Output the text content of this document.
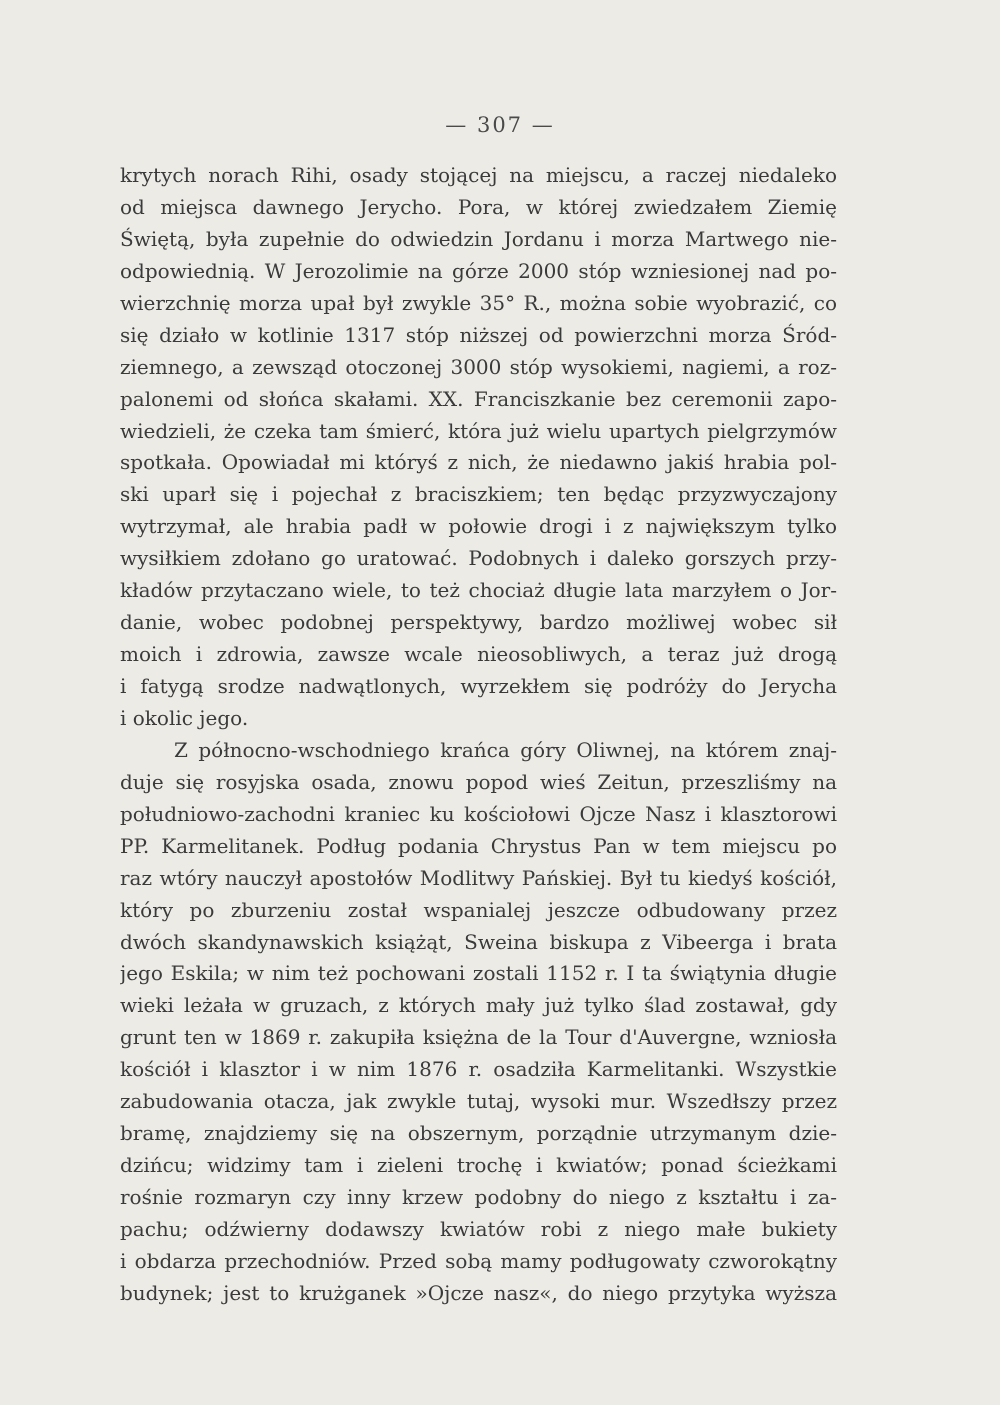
— 307 —
krytych norach Rihi, osady stojącej na miejscu, a raczej niedaleko
od miejsca dawnego Jerycho. Pora, w której zwiedzałem Ziemię
Świętą, była zupełnie do odwiedzin Jordanu i morza Martwego nie-
odpowiednią. W Jerozolimie na górze 2000 stóp wzniesionej nad po-
wierzchnię morza upał był zwykle 35° R., można sobie wyobrazić, co
się działo w kotlinie 1317 stóp niższej od powierzchni morza Śród-
ziemnego, a zewsząd otoczonej 3000 stóp wysokiemi, nagiemi, a roz-
palonemi od słońca skałami. XX. Franciszkanie bez ceremonii zapo-
wiedzieli, że czeka tam śmierć, która już wielu upartych pielgrzymów
spotkała. Opowiadał mi któryś z nich, że niedawno jakiś hrabia pol-
ski uparł się i pojechał z braciszkiem; ten będąc przyzwyczajony
wytrzymał, ale hrabia padł w połowie drogi i z największym tylko
wysiłkiem zdołano go uratować. Podobnych i daleko gorszych przy-
kładów przytaczano wiele, to też chociaż długie lata marzyłem o Jor-
danie, wobec podobnej perspektywy, bardzo możliwej wobec sił
moich i zdrowia, zawsze wcale nieosobliwych, a teraz już drogą
i fatygą srodze nadwątlonych, wyrzekłem się podróży do Jerycha
i okolic jego.
Z północno-wschodniego krańca góry Oliwnej, na którem znaj-
duje się rosyjska osada, znowu popod wieś Zeitun, przeszliśmy na
południowo-zachodni kraniec ku kościołowi Ojcze Nasz i klasztorowi
PP. Karmelitanek. Podług podania Chrystus Pan w tem miejscu po
raz wtóry nauczył apostołów Modlitwy Pańskiej. Był tu kiedyś kościół,
który po zburzeniu został wspanialej jeszcze odbudowany przez
dwóch skandynawskich książąt, Sweina biskupa z Vibeerga i brata
jego Eskila; w nim też pochowani zostali 1152 r. I ta świątynia długie
wieki leżała w gruzach, z których mały już tylko ślad zostawał, gdy
grunt ten w 1869 r. zakupiła księżna de la Tour d'Auvergne, wzniosła
kościół i klasztor i w nim 1876 r. osadziła Karmelitanki. Wszystkie
zabudowania otacza, jak zwykle tutaj, wysoki mur. Wszedłszy przez
bramę, znajdziemy się na obszernym, porządnie utrzymanym dzie-
dzińcu; widzimy tam i zieleni trochę i kwiatów; ponad ścieżkami
rośnie rozmaryn czy inny krzew podobny do niego z kształtu i za-
pachu; odźwierny dodawszy kwiatów robi z niego małe bukiety
i obdarza przechodniów. Przed sobą mamy podługowaty czworokątny
budynek; jest to krużganek »Ojcze nasz«, do niego przytyka wyższa
